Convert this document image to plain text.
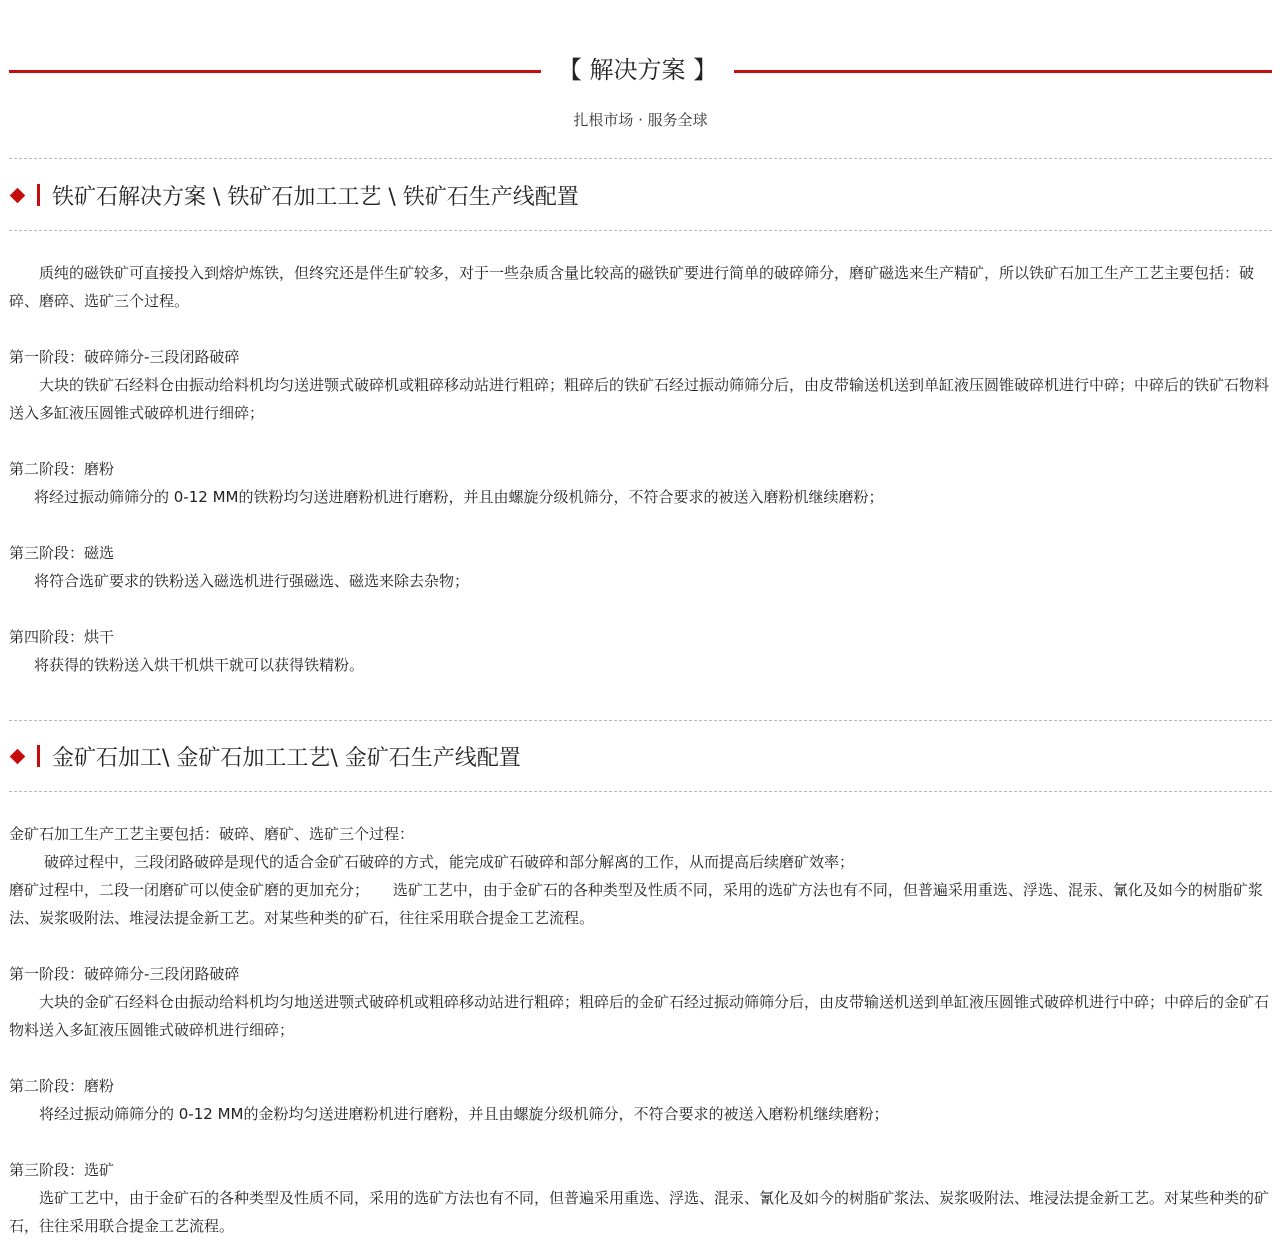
【 解决方案 】
扎根市场 · 服务全球
铁矿石解决方案 \ 铁矿石加工工艺 \ 铁矿石生产线配置

质纯的磁铁矿可直接投入到熔炉炼铁，但终究还是伴生矿较多，对于一些杂质含量比较高的磁铁矿要进行简单的破碎筛分，磨矿磁选来生产精矿，所以铁矿石加工生产工艺主要包括：破碎、磨碎、选矿三个过程。

第一阶段：破碎筛分-三段闭路破碎

大块的铁矿石经料仓由振动给料机均匀送进颚式破碎机或粗碎移动站进行粗碎；粗碎后的铁矿石经过振动筛筛分后，由皮带输送机送到单缸液压圆锥破碎机进行中碎；中碎后的铁矿石物料送入多缸液压圆锥式破碎机进行细碎；

第二阶段：磨粉

将经过振动筛筛分的 0-12 MM的铁粉均匀送进磨粉机进行磨粉，并且由螺旋分级机筛分，不符合要求的被送入磨粉机继续磨粉；

第三阶段：磁选

将符合选矿要求的铁粉送入磁选机进行强磁选、磁选来除去杂物；

第四阶段：烘干

将获得的铁粉送入烘干机烘干就可以获得铁精粉。

金矿石加工\ 金矿石加工工艺\ 金矿石生产线配置

金矿石加工生产工艺主要包括：破碎、磨矿、选矿三个过程：

破碎过程中，三段闭路破碎是现代的适合金矿石破碎的方式，能完成矿石破碎和部分解离的工作，从而提高后续磨矿效率；

磨矿过程中，二段一闭磨矿可以使金矿磨的更加充分；     选矿工艺中，由于金矿石的各种类型及性质不同，采用的选矿方法也有不同，但普遍采用重选、浮选、混汞、氰化及如今的树脂矿浆法、炭浆吸附法、堆浸法提金新工艺。对某些种类的矿石，往往采用联合提金工艺流程。

第一阶段：破碎筛分-三段闭路破碎

大块的金矿石经料仓由振动给料机均匀地送进颚式破碎机或粗碎移动站进行粗碎；粗碎后的金矿石经过振动筛筛分后，由皮带输送机送到单缸液压圆锥式破碎机进行中碎；中碎后的金矿石物料送入多缸液压圆锥式破碎机进行细碎；

第二阶段：磨粉

将经过振动筛筛分的 0-12 MM的金粉均匀送进磨粉机进行磨粉，并且由螺旋分级机筛分，不符合要求的被送入磨粉机继续磨粉；

第三阶段：选矿

选矿工艺中，由于金矿石的各种类型及性质不同，采用的选矿方法也有不同，但普遍采用重选、浮选、混汞、氰化及如今的树脂矿浆法、炭浆吸附法、堆浸法提金新工艺。对某些种类的矿石，往往采用联合提金工艺流程。
